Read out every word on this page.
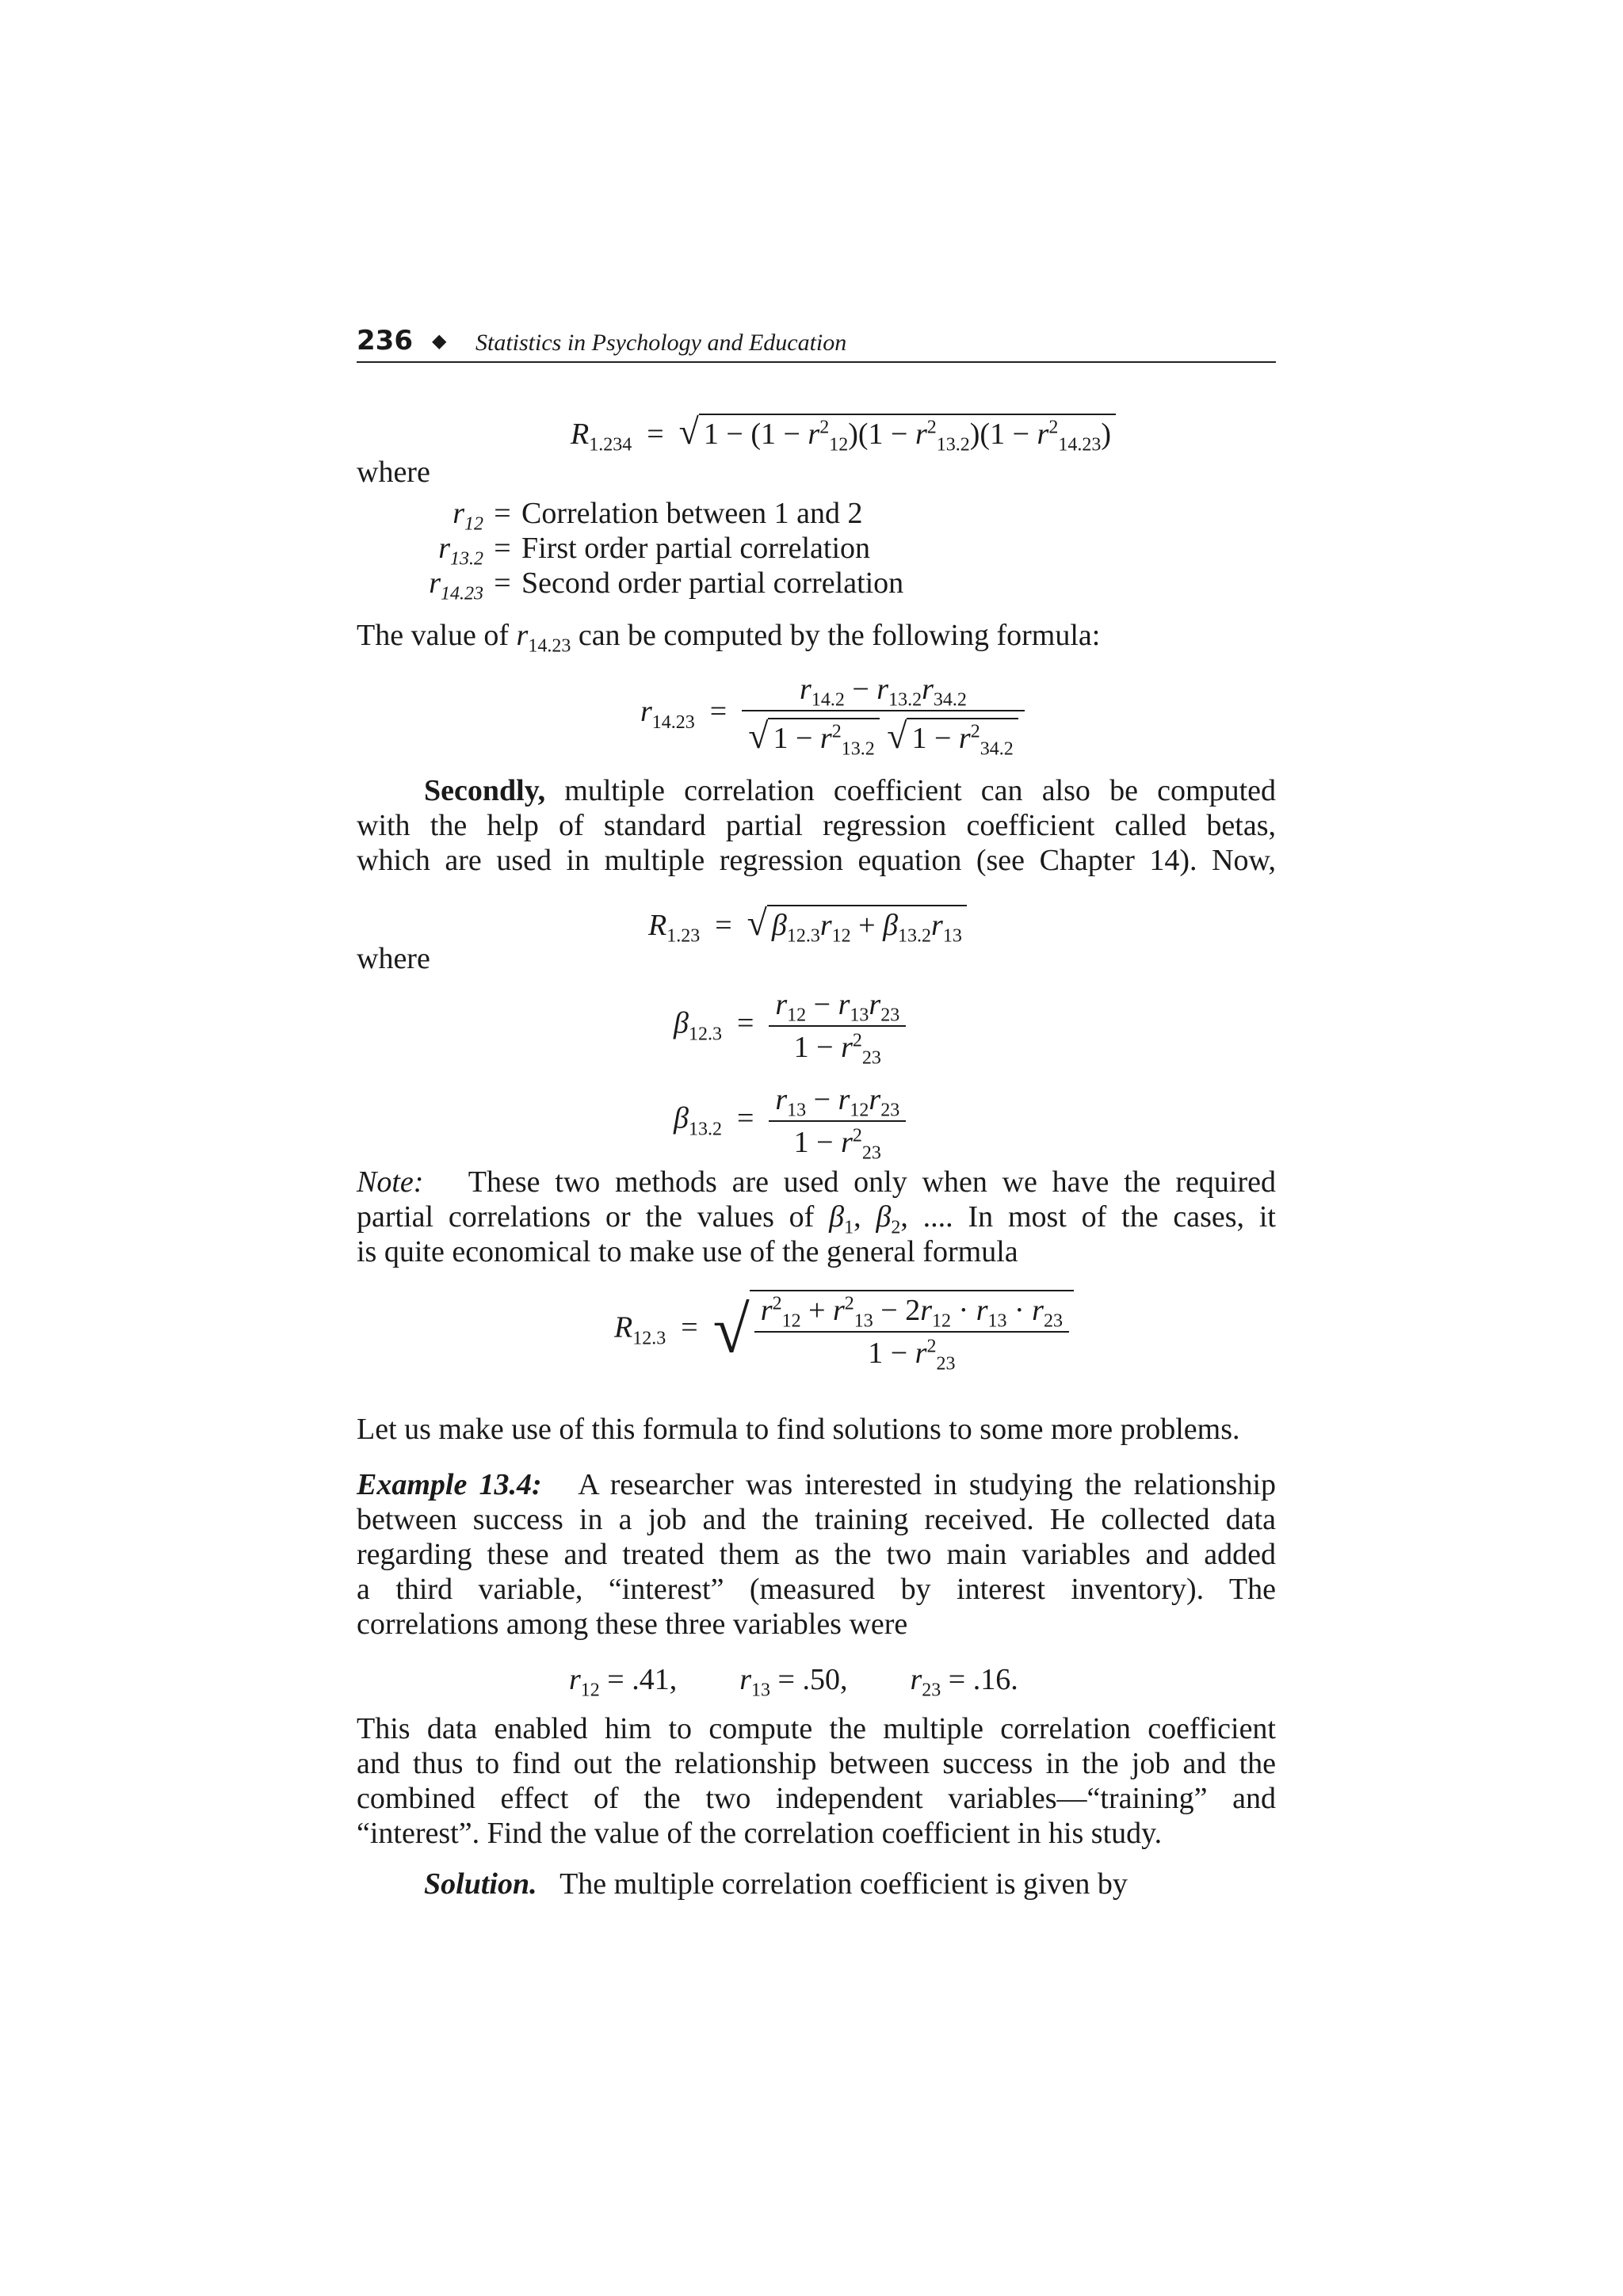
236 ◆ Statistics in Psychology and Education
$R_{1.234}$  =  √ $1 - (1 - r^2_{12})(1 - r^2_{13.2})(1 - r^2_{14.23})$
where
$r_{12}$ = Correlation between 1 and 2
$r_{13.2}$ = First order partial correlation
$r_{14.23}$ = Second order partial correlation
The value of $r_{14.23}$ can be computed by the following formula:
$r_{14.23} = \frac{r_{14.2} - r_{13.2}r_{34.2}}{√ 1 - r^2_{13.2} √ 1 - r^2_{34.2}}$
Secondly, multiple correlation coefficient can also be computed
with the help of standard partial regression coefficient called betas,
which are used in multiple regression equation (see Chapter 14). Now,
$R_{1.23}$  =  √ $\beta_{12.3}r_{12} + \beta_{13.2}r_{13}$
where
$\beta_{12.3} = \frac{r_{12} - r_{13}r_{23}}{1 - r^2_{23}}$
$\beta_{13.2} = \frac{r_{13} - r_{12}r_{23}}{1 - r^2_{23}}$
Note: These two methods are used only when we have the required
partial correlations or the values of $\beta_1$, $\beta_2$, .... In most of the cases, it
is quite economical to make use of the general formula
$R_{12.3}$  =  √ $\frac{r^2_{12} + r^2_{13} - 2r_{12} \cdot r_{13} \cdot r_{23}}{1 - r^2_{23}}$
Let us make use of this formula to find solutions to some more problems.
Example 13.4: A researcher was interested in studying the relationship
between success in a job and the training received. He collected data
regarding these and treated them as the two main variables and added
a third variable, “interest” (measured by interest inventory). The
correlations among these three variables were
$r_{12} = .41$, $r_{13} = .50$, $r_{23} = .16$.
This data enabled him to compute the multiple correlation coefficient
and thus to find out the relationship between success in the job and the
combined effect of the two independent variables—“training” and
“interest”. Find the value of the correlation coefficient in his study.
Solution. The multiple correlation coefficient is given by
